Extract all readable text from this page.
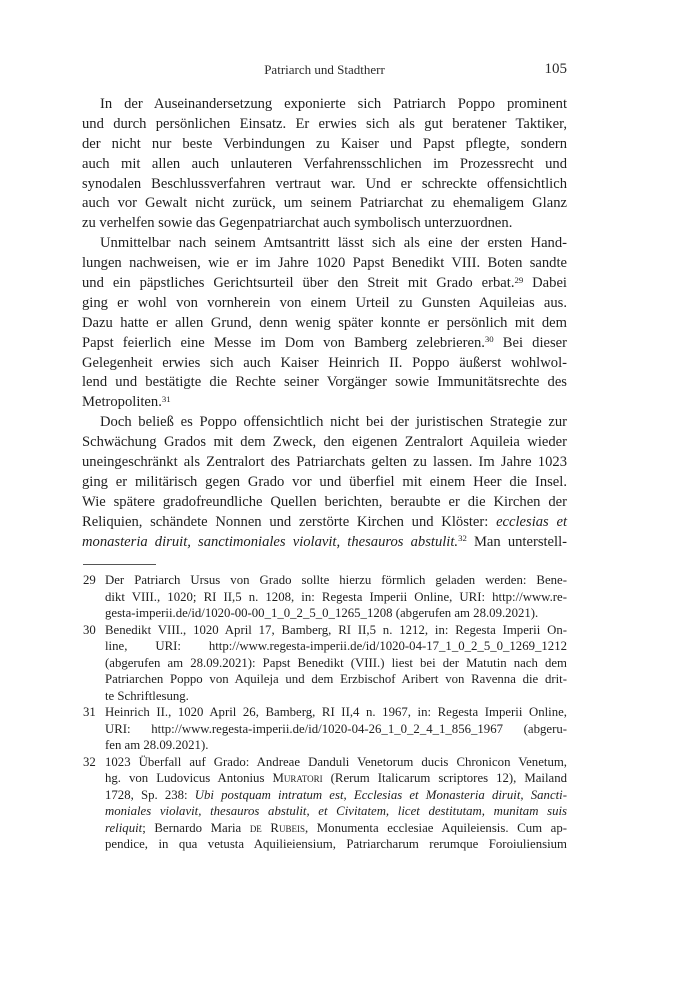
Patriarch und Stadtherr	105
In der Auseinandersetzung exponierte sich Patriarch Poppo prominent
und durch persönlichen Einsatz. Er erwies sich als gut beratener Taktiker,
der nicht nur beste Verbindungen zu Kaiser und Papst pflegte, sondern
auch mit allen auch unlauteren Verfahrensschlichen im Prozessrecht und
synodalen Beschlussverfahren vertraut war. Und er schreckte offensichtlich
auch vor Gewalt nicht zurück, um seinem Patriarchat zu ehemaligem Glanz
zu verhelfen sowie das Gegenpatriarchat auch symbolisch unterzuordnen.
Unmittelbar nach seinem Amtsantritt lässt sich als eine der ersten Hand-
lungen nachweisen, wie er im Jahre 1020 Papst Benedikt VIII. Boten sandte
und ein päpstliches Gerichtsurteil über den Streit mit Grado erbat.$^{29}$ Dabei
ging er wohl von vornherein von einem Urteil zu Gunsten Aquileias aus.
Dazu hatte er allen Grund, denn wenig später konnte er persönlich mit dem
Papst feierlich eine Messe im Dom von Bamberg zelebrieren.$^{30}$ Bei dieser
Gelegenheit erwies sich auch Kaiser Heinrich II. Poppo äußerst wohlwol-
lend und bestätigte die Rechte seiner Vorgänger sowie Immunitätsrechte des
Metropoliten.$^{31}$
Doch beließ es Poppo offensichtlich nicht bei der juristischen Strategie zur
Schwächung Grados mit dem Zweck, den eigenen Zentralort Aquileia wieder
uneingeschränkt als Zentralort des Patriarchats gelten zu lassen. Im Jahre 1023
ging er militärisch gegen Grado vor und überfiel mit einem Heer die Insel.
Wie spätere gradofreundliche Quellen berichten, beraubte er die Kirchen der
Reliquien, schändete Nonnen und zerstörte Kirchen und Klöster: ecclesias et
monasteria diruit, sanctimoniales violavit, thesauros abstulit.$^{32}$ Man unterstell-
29 Der Patriarch Ursus von Grado sollte hierzu förmlich geladen werden: Bene-
dikt VIII., 1020; RI II,5 n. 1208, in: Regesta Imperii Online, URI: http://www.re-
gesta-imperii.de/id/1020-00-00_1_0_2_5_0_1265_1208 (abgerufen am 28.09.2021).
30 Benedikt VIII., 1020 April 17, Bamberg, RI II,5 n. 1212, in: Regesta Imperii On-
line, URI: http://www.regesta-imperii.de/id/1020-04-17_1_0_2_5_0_1269_1212
(abgerufen am 28.09.2021): Papst Benedikt (VIII.) liest bei der Matutin nach dem
Patriarchen Poppo von Aquileja und dem Erzbischof Aribert von Ravenna die drit-
te Schriftlesung.
31 Heinrich II., 1020 April 26, Bamberg, RI II,4 n. 1967, in: Regesta Imperii Online,
URI: http://www.regesta-imperii.de/id/1020-04-26_1_0_2_4_1_856_1967 (abgeru-
fen am 28.09.2021).
32 1023 Überfall auf Grado: Andreae Danduli Venetorum ducis Chronicon Venetum,
hg. von Ludovicus Antonius Muratori (Rerum Italicarum scriptores 12), Mailand
1728, Sp. 238: Ubi postquam intratum est, Ecclesias et Monasteria diruit, Sancti-
moniales violavit, thesauros abstulit, et Civitatem, licet destitutam, munitam suis
reliquit; Bernardo Maria de Rubeis, Monumenta ecclesiae Aquileiensis. Cum ap-
pendice, in qua vetusta Aquilieiensium, Patriarcharum rerumque Foroiuliensium
